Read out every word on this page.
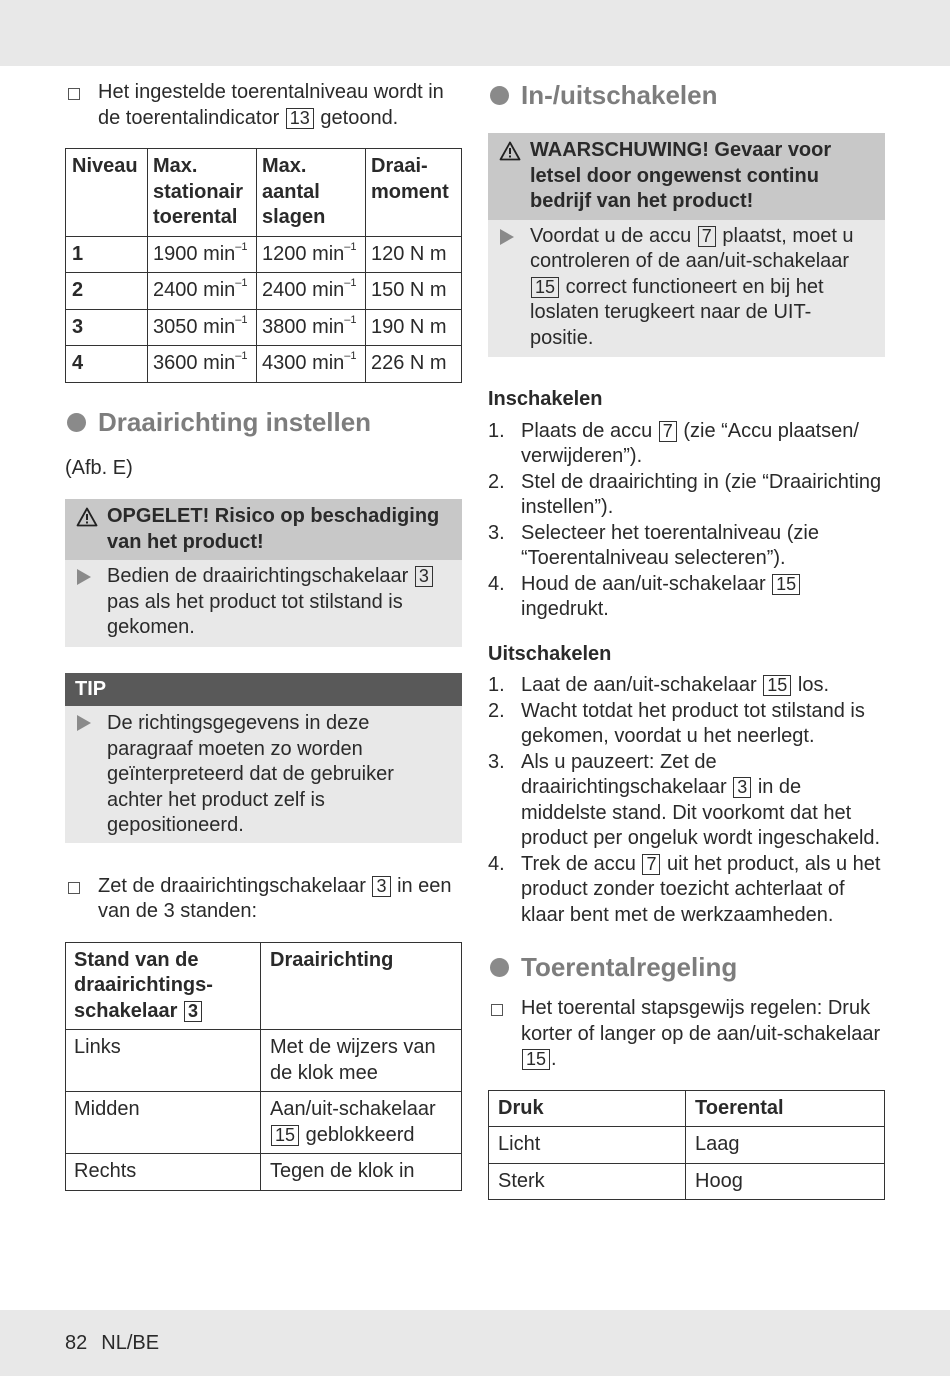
Het ingestelde toerentalniveau wordt in de toerentalindicator 13 getoond.
Niveau	Max. stationair toerental	Max. aantal slagen	Draai-moment
1	1900 $\min^{-1}$	1200 $\min^{-1}$	120 N m
2	2400 $\min^{-1}$	2400 $\min^{-1}$	150 N m
3	3050 $\min^{-1}$	3800 $\min^{-1}$	190 N m
4	3600 $\min^{-1}$	4300 $\min^{-1}$	226 N m
Draairichting instellen
(Afb. E)
OPGELET! Risico op beschadiging van het product!
Bedien de draairichtingschakelaar 3 pas als het product tot stilstand is gekomen.
TIP
De richtingsgegevens in deze paragraaf moeten zo worden geïnterpreteerd dat de gebruiker achter het product zelf is gepositioneerd.
Zet de draairichtingschakelaar 3 in een van de 3 standen:
Stand van de draairichtings-schakelaar 3	Draairichting
Links	Met de wijzers van de klok mee
Midden	Aan/uit-schakelaar 15 geblokkeerd
Rechts	Tegen de klok in
In-/uitschakelen
WAARSCHUWING! Gevaar voor letsel door ongewenst continu bedrijf van het product!
Voordat u de accu 7 plaatst, moet u controleren of de aan/uit-schakelaar 15 correct functioneert en bij het loslaten terugkeert naar de UIT-positie.
Inschakelen
1. Plaats de accu 7 (zie “Accu plaatsen/ verwijderen”).
2. Stel de draairichting in (zie “Draairichting instellen”).
3. Selecteer het toerentalniveau (zie “Toerentalniveau selecteren”).
4. Houd de aan/uit-schakelaar 15 ingedrukt.
Uitschakelen
1. Laat de aan/uit-schakelaar 15 los.
2. Wacht totdat het product tot stilstand is gekomen, voordat u het neerlegt.
3. Als u pauzeert: Zet de draairichtingschakelaar 3 in de middelste stand. Dit voorkomt dat het product per ongeluk wordt ingeschakeld.
4. Trek de accu 7 uit het product, als u het product zonder toezicht achterlaat of klaar bent met de werkzaamheden.
Toerentalregeling
Het toerental stapsgewijs regelen: Druk korter of langer op de aan/uit-schakelaar 15 .
Druk	Toerental
Licht	Laag
Sterk	Hoog
82 NL/BE
